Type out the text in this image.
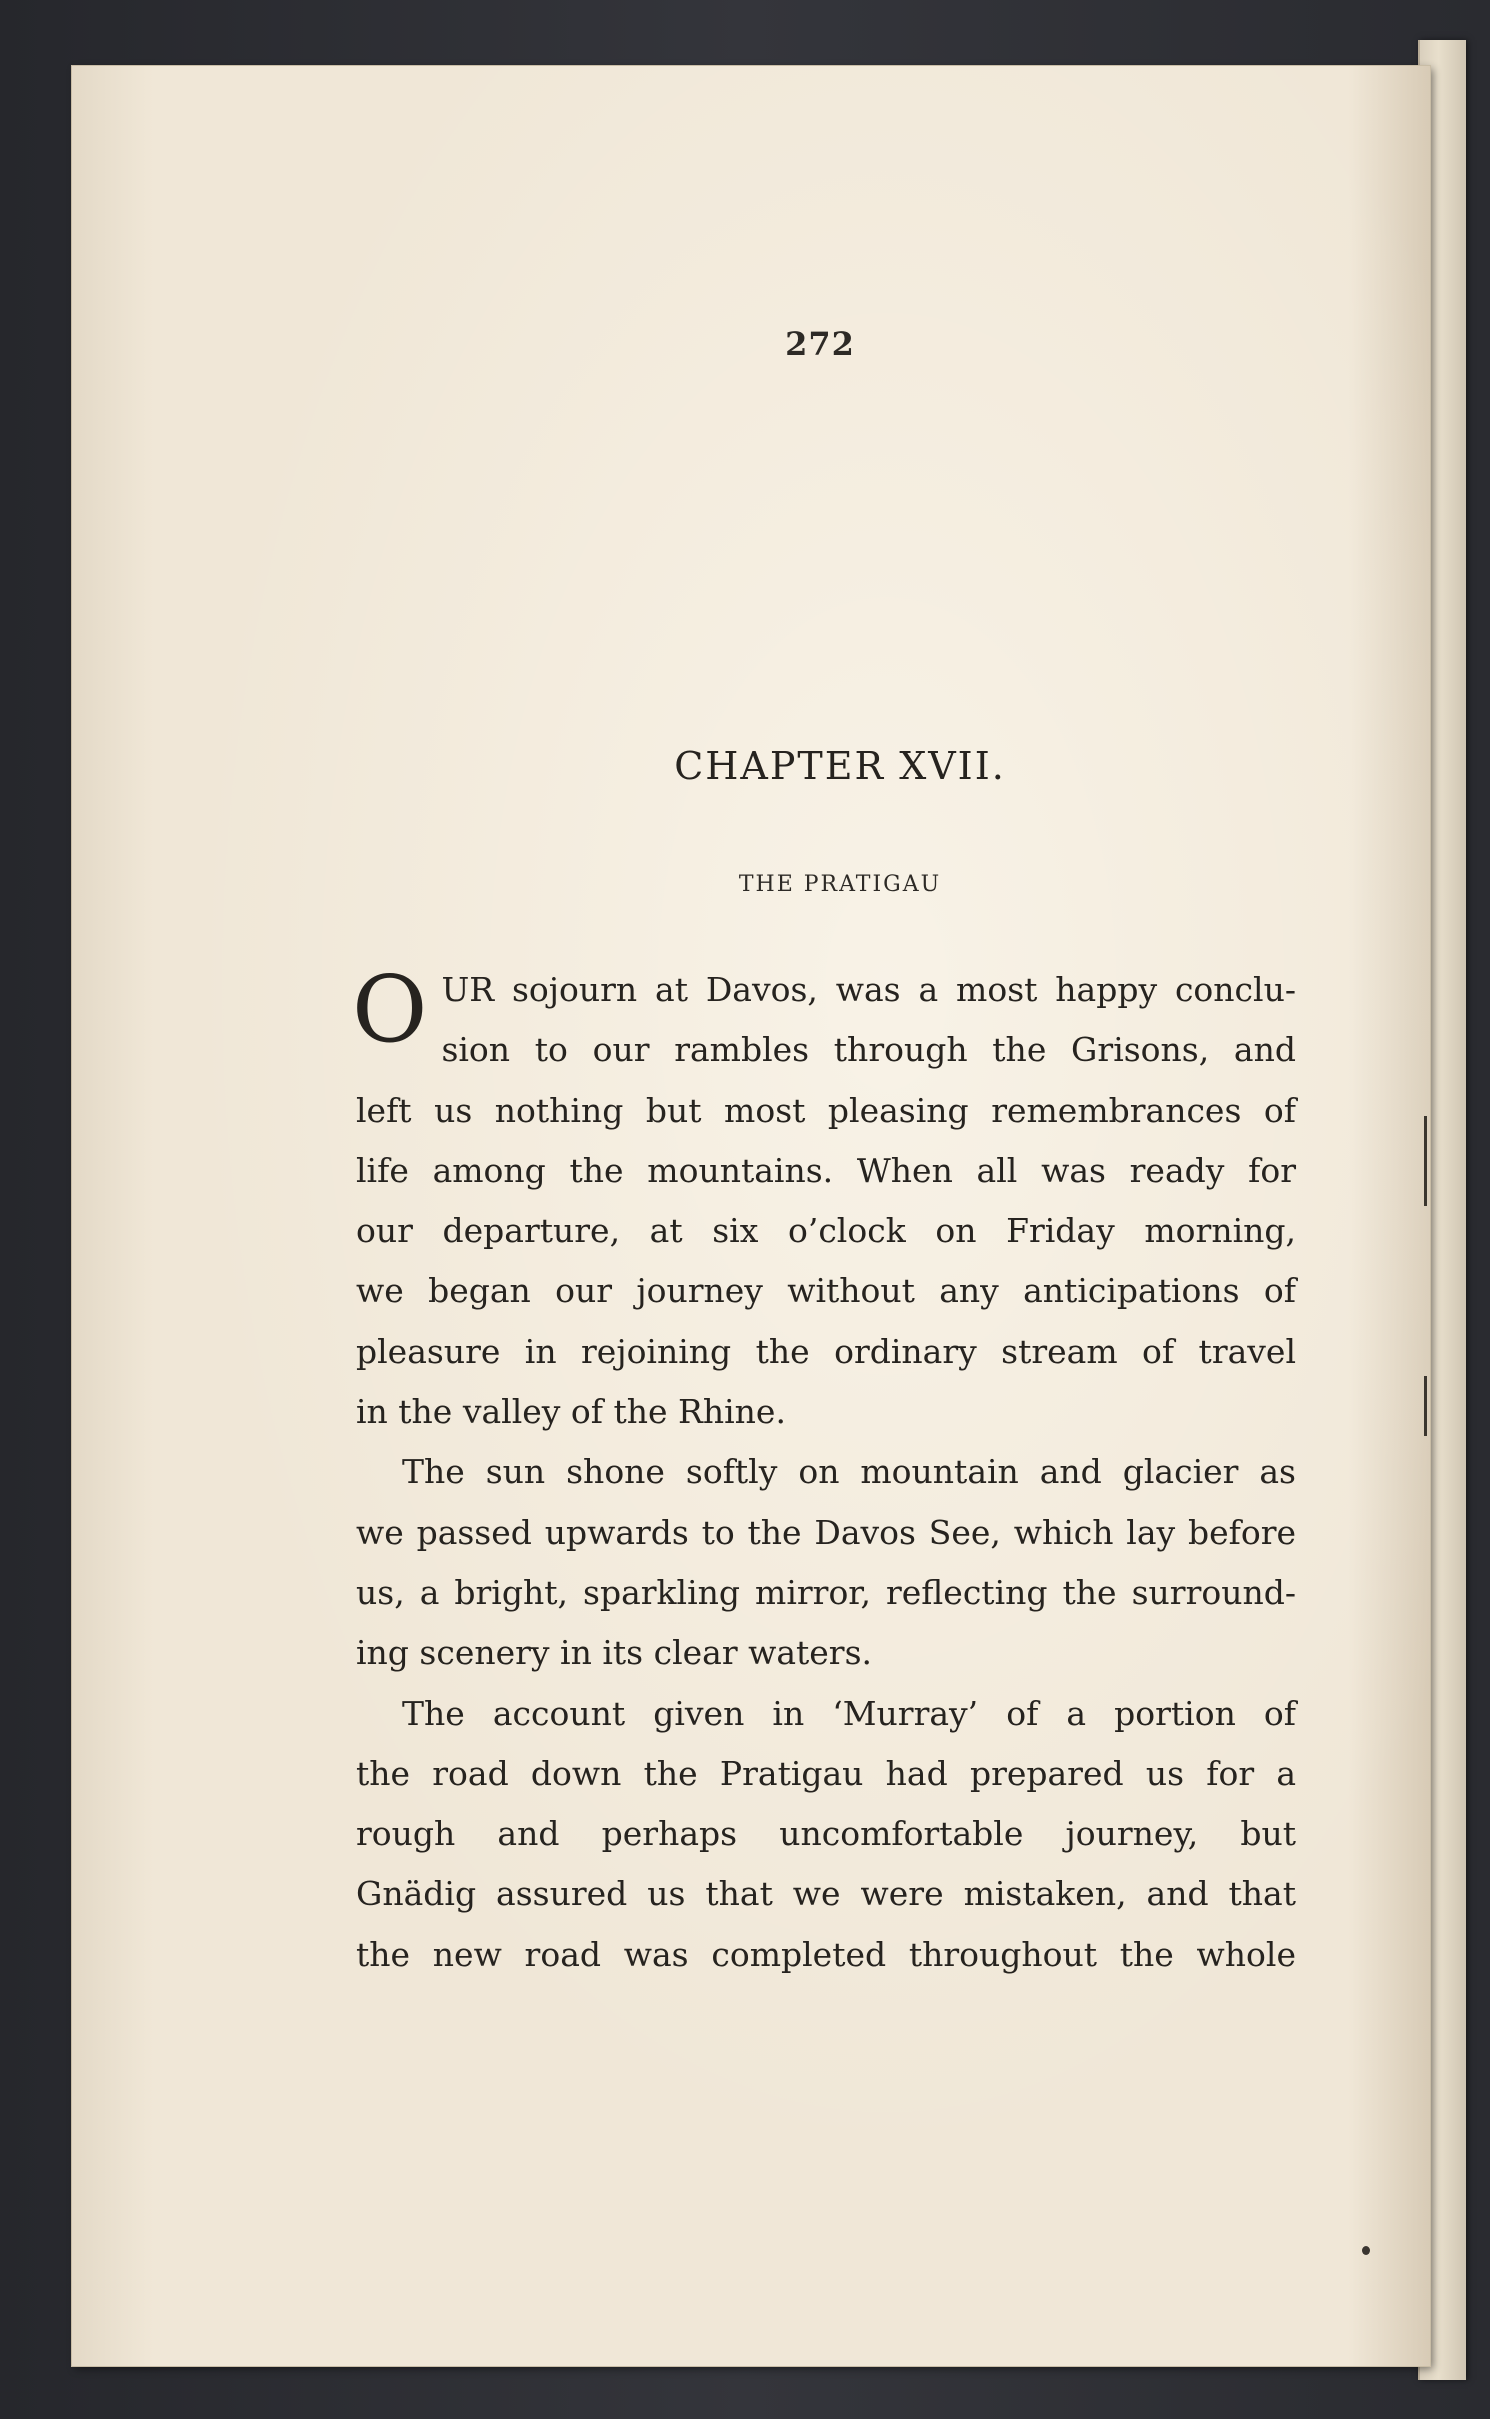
272
CHAPTER XVII.
THE PRATIGAU

O UR sojourn at Davos, was a most happy conclu-
sion to our rambles through the Grisons, and
left us nothing but most pleasing remembrances of
life among the mountains. When all was ready for
our departure, at six o’clock on Friday morning,
we began our journey without any anticipations of
pleasure in rejoining the ordinary stream of travel
in the valley of the Rhine.

The sun shone softly on mountain and glacier as
we passed upwards to the Davos See, which lay before
us, a bright, sparkling mirror, reflecting the surround-
ing scenery in its clear waters.

The account given in ‘Murray’ of a portion of
the road down the Pratigau had prepared us for a
rough and perhaps uncomfortable journey, but
Gnädig assured us that we were mistaken, and that
the new road was completed throughout the whole
